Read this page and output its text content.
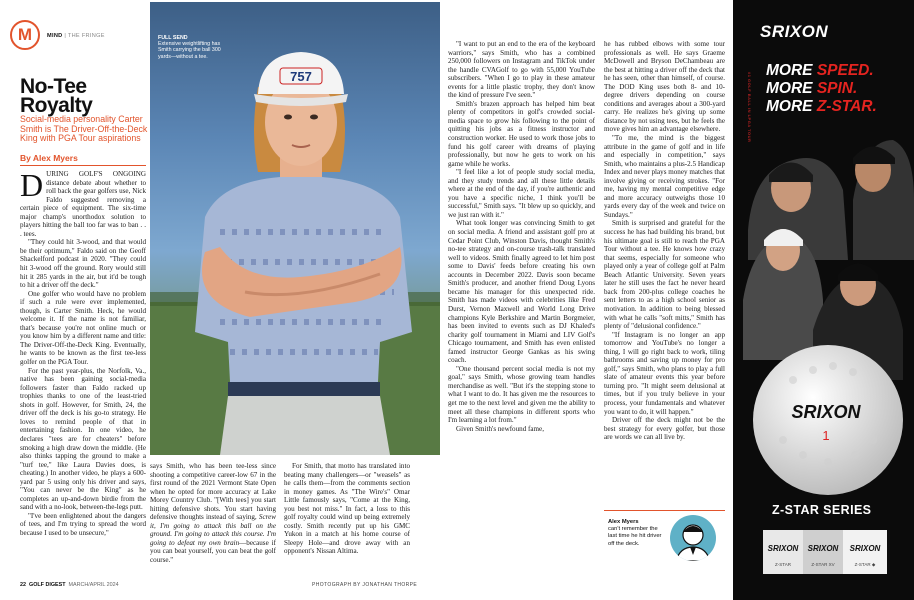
M	MIND | THE FRINGE
No-Tee
Royalty
Social-media personality Carter Smith is The Driver-Off-the-Deck King with PGA Tour aspirations
By Alex Myers

DURING GOLF'S ONGOING distance debate about whether to roll back the gear golfers use, Nick Faldo suggested removing a certain piece of equipment. The six-time major champ's unorthodox solution to players hitting the ball too far was to ban . . . tees.

"They could hit 3-wood, and that would be their optimum," Faldo said on the Geoff Shackelford podcast in 2020. "They could hit 3-wood off the ground. Rory would still hit it 285 yards in the air, but it'd be tough to hit a driver off the deck."

One golfer who would have no problem if such a rule were ever implemented, though, is Carter Smith. Heck, he would welcome it. If the name is not familiar, that's because you're not online much or you know him by a different name and title: The Driver-Off-the-Deck King. Eventually, he wants to be known as the first tee-less golfer on the PGA Tour.

For the past year-plus, the Norfolk, Va., native has been gaining social-media followers faster than Faldo racked up trophies thanks to one of the least-tried shots in golf. However, for Smith, 24, the driver off the deck is his go-to strategy. He loves to remind people of that in entertaining fashion. In one video, he declares "tees are for cheaters" before smoking a high draw down the middle. (He also thinks tapping the ground to make a "turf tee," like Laura Davies does, is cheating.) In another video, he plays a 600-yard par 5 using only his driver and says, "You can never be the King" as he completes an up-and-down birdie from the sand with a no-look, between-the-legs putt.

"I've been enlightened about the dangers of tees, and I'm trying to spread the word because I used to be unsecure,"

757
FULL SEND
Extensive weightlifting has Smith carrying the ball 300 yards—without a tee.

says Smith, who has been tee-less since shooting a competitive career-low 67 in the first round of the 2021 Vermont State Open when he opted for more accuracy at Lake Morey Country Club. "[With tees] you start hitting defensive shots. You start having defensive thoughts instead of saying, Screw it, I'm going to attack this ball on the ground. I'm going to attack this course. I'm going to defeat my own brain—because if you can beat yourself, you can beat the golf course."

For Smith, that motto has translated into beating many challengers—or "weasels" as he calls them—from the comments section in money games. As "The Wire's" Omar Little famously says, "Come at the King, you best not miss." In fact, a loss to this golf royalty could wind up being extremely costly. Smith recently put up his GMC Yukon in a match at his home course of Sleepy Hole—and drove away with an opponent's Nissan Altima.

"I want to put an end to the era of the keyboard warriors," says Smith, who has a combined 250,000 followers on Instagram and TikTok under the handle CVAGolf to go with 55,000 YouTube subscribers. "When I go to play in these amateur events for a little plastic trophy, they don't know the kind of pressure I've seen."

Smith's brazen approach has helped him beat plenty of competitors in golf's crowded social-media space to grow his following to the point of quitting his jobs as a fitness instructor and construction worker. He used to work those jobs to fund his golf career with dreams of playing professionally, but now he gets to work on his game while he works.

"I feel like a lot of people study social media, and they study trends and all these little details where at the end of the day, if you're authentic and you have a specific niche, I think you'll be successful," Smith says. "It blew up so quickly, and we just ran with it."

What took longer was convincing Smith to get on social media. A friend and assistant golf pro at Cedar Point Club, Winston Davis, thought Smith's no-tee strategy and on-course trash-talk translated well to videos. Smith finally agreed to let him post some to Davis' feeds before creating his own accounts in December 2022. Davis soon became Smith's producer, and another friend Doug Lyons became his manager for this unexpected ride. Smith has made videos with celebrities like Fred Durst, Vernon Maxwell and World Long Drive champions Kyle Berkshire and Martin Borgmeier, has been invited to events such as DJ Khaled's charity golf tournament in Miami and LIV Golf's Chicago tournament, and Smith has even enlisted famed instructor George Gankas as his swing coach.

"One thousand percent social media is not my goal," says Smith, whose growing team handles merchandise as well. "But it's the stepping stone to what I want to do. It has given me the resources to get me to the next level and given me the ability to meet all these champions in different sports who I'm learning a lot from."

Given Smith's newfound fame,

he has rubbed elbows with some tour professionals as well. He says Graeme McDowell and Bryson DeChambeau are the best at hitting a driver off the deck that he has seen, other than himself, of course. The DOD King uses both 8- and 10-degree drivers depending on course conditions and averages about a 300-yard carry. He realizes he's giving up some distance by not using tees, but he feels the move gives him an advantage elsewhere.

"To me, the mind is the biggest attribute in the game of golf and in life and especially in competition," says Smith, who maintains a plus-2.5 Handicap Index and never plays money matches that involve giving or receiving strokes. "For me, having my mental competitive edge and more accuracy outweighs those 10 yards every day of the week and twice on Sundays."

Smith is surprised and grateful for the success he has had building his brand, but his ultimate goal is still to reach the PGA Tour without a tee. He knows how crazy that seems, especially for someone who played only a year of college golf at Palm Beach Atlantic University. Seven years later he still uses the fact he never heard back from 200-plus college coaches he sent letters to as a high school senior as motivation. In addition to being blessed with what he calls "soft mitts," Smith has plenty of "delusional confidence."

"If Instagram is no longer an app tomorrow and YouTube's no longer a thing, I will go right back to work, tiling bathrooms and saving up money for pro golf," says Smith, who plans to play a full slate of amateur events this year before turning pro. "It might seem delusional at times, but if you truly believe in your process, your fundamentals and whatever you want to do, it will happen."

Driver off the deck might not be the best strategy for every golfer, but those are words we can all live by.

Alex Myers
can't remember the last time he hit driver off the deck.
22 GOLF DIGEST MARCH/APRIL 2024	PHOTOGRAPH BY JONATHAN THORPE
SRIXON
1
SRIXON SRIXON SRIXON
Z-STAR	Z-STAR XV	Z-STAR ◆
SRIXON
#1 GOLF BALL IN LPGA TOUR
MORE SPEED.
MORE SPIN.
MORE Z-STAR.
Z-STAR SERIES
